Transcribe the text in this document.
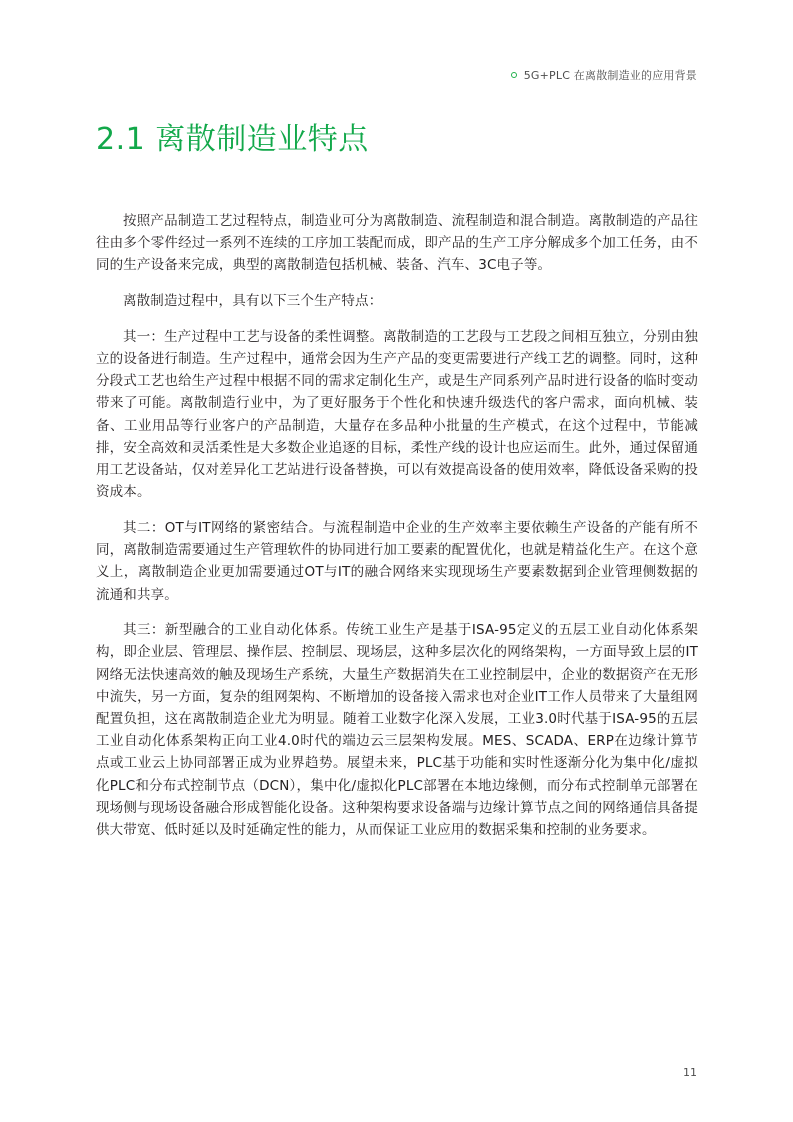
5G+PLC 在离散制造业的应用背景
2.1 离散制造业特点

按照产品制造工艺过程特点，制造业可分为离散制造、流程制造和混合制造。离散制造的产品往往由多个零件经过一系列不连续的工序加工装配而成，即产品的生产工序分解成多个加工任务，由不同的生产设备来完成，典型的离散制造包括机械、装备、汽车、3C电子等。

离散制造过程中，具有以下三个生产特点：

其一：生产过程中工艺与设备的柔性调整。离散制造的工艺段与工艺段之间相互独立，分别由独立的设备进行制造。生产过程中，通常会因为生产产品的变更需要进行产线工艺的调整。同时，这种分段式工艺也给生产过程中根据不同的需求定制化生产，或是生产同系列产品时进行设备的临时变动带来了可能。离散制造行业中，为了更好服务于个性化和快速升级迭代的客户需求，面向机械、装备、工业用品等行业客户的产品制造，大量存在多品种小批量的生产模式，在这个过程中，节能减排，安全高效和灵活柔性是大多数企业追逐的目标，柔性产线的设计也应运而生。此外，通过保留通用工艺设备站，仅对差异化工艺站进行设备替换，可以有效提高设备的使用效率，降低设备采购的投资成本。

其二：OT与IT网络的紧密结合。与流程制造中企业的生产效率主要依赖生产设备的产能有所不同，离散制造需要通过生产管理软件的协同进行加工要素的配置优化，也就是精益化生产。在这个意义上，离散制造企业更加需要通过OT与IT的融合网络来实现现场生产要素数据到企业管理侧数据的流通和共享。

其三：新型融合的工业自动化体系。传统工业生产是基于ISA-95定义的五层工业自动化体系架构，即企业层、管理层、操作层、控制层、现场层，这种多层次化的网络架构，一方面导致上层的IT网络无法快速高效的触及现场生产系统，大量生产数据消失在工业控制层中，企业的数据资产在无形中流失，另一方面，复杂的组网架构、不断增加的设备接入需求也对企业IT工作人员带来了大量组网配置负担，这在离散制造企业尤为明显。随着工业数字化深入发展，工业3.0时代基于ISA-95的五层工业自动化体系架构正向工业4.0时代的端边云三层架构发展。MES、SCADA、ERP在边缘计算节点或工业云上协同部署正成为业界趋势。展望未来，PLC基于功能和实时性逐渐分化为集中化/虚拟化PLC和分布式控制节点（DCN），集中化/虚拟化PLC部署在本地边缘侧，而分布式控制单元部署在现场侧与现场设备融合形成智能化设备。这种架构要求设备端与边缘计算节点之间的网络通信具备提供大带宽、低时延以及时延确定性的能力，从而保证工业应用的数据采集和控制的业务要求。

11
